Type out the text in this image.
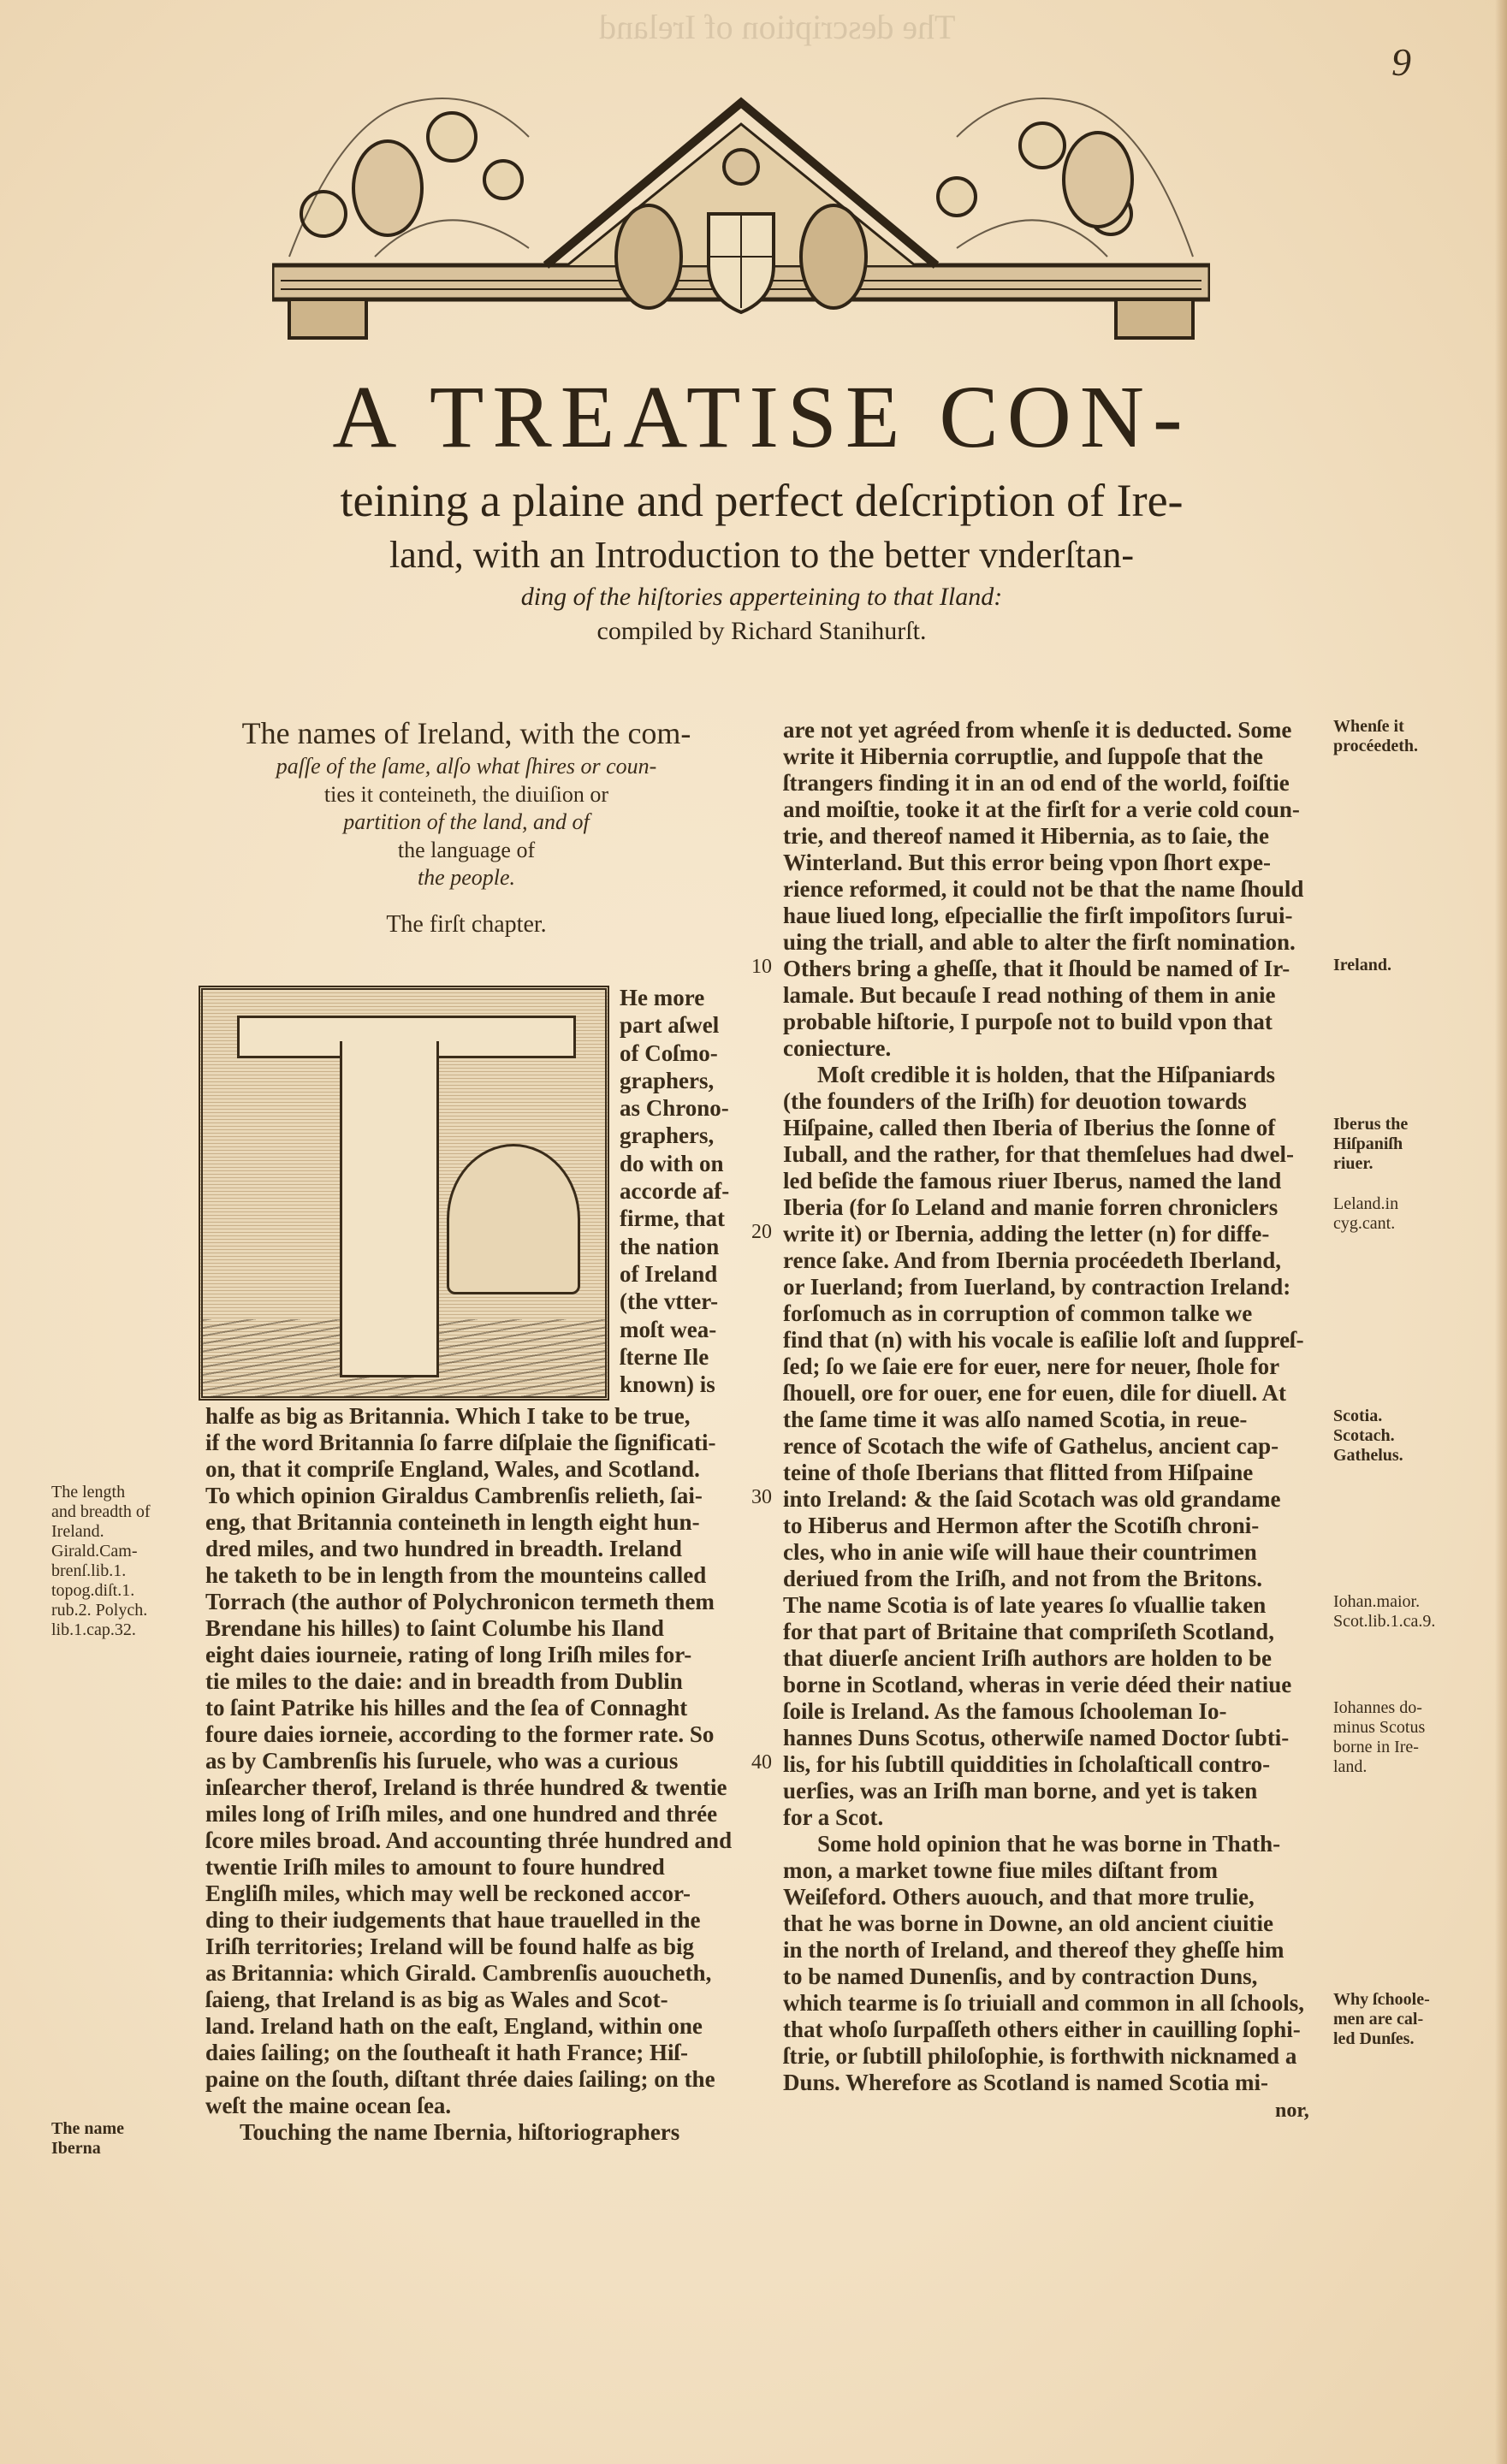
The description of Ireland
9
A TREATISE CON-
teining a plaine and perfect deſcription of Ire-
land, with an Introduction to the better vnderſtan-
ding of the hiſtories apperteining to that Iland:
compiled by Richard Stanihurſt.
The names of Ireland, with the com-
paſſe of the ſame, alſo what ſhires or coun-
ties it conteineth, the diuiſion or
partition of the land, and of
the language of
the people.
The firſt chapter.
He more
part aſwel
of Coſmo-
graphers,
as Chrono-
graphers,
do with on
accorde af-
firme, that
the nation
of Ireland
(the vtter-
moſt wea-
ſterne Ile
known) is
halfe as big as Britannia. Which I take to be true,
if the word Britannia ſo farre diſplaie the ſignificati-
on, that it compriſe England, Wales, and Scotland.
To which opinion Giraldus Cambrenſis relieth, ſai-
eng, that Britannia conteineth in length eight hun-
dred miles, and two hundred in breadth. Ireland
he taketh to be in length from the mounteins called
Torrach (the author of Polychronicon termeth them
Brendane his hilles) to ſaint Columbe his Iland
eight daies iourneie, rating of long Iriſh miles for-
tie miles to the daie: and in breadth from Dublin
to ſaint Patrike his hilles and the ſea of Connaght
foure daies iorneie, according to the former rate. So
as by Cambrenſis his ſuruele, who was a curious
inſearcher therof, Ireland is thrée hundred & twentie
miles long of Iriſh miles, and one hundred and thrée
ſcore miles broad. And accounting thrée hundred and
twentie Iriſh miles to amount to foure hundred
Engliſh miles, which may well be reckoned accor-
ding to their iudgements that haue trauelled in the
Iriſh territories; Ireland will be found halfe as big
as Britannia: which Girald. Cambrenſis auoucheth,
ſaieng, that Ireland is as big as Wales and Scot-
land. Ireland hath on the eaſt, England, within one
daies ſailing; on the ſoutheaſt it hath France; Hiſ-
paine on the ſouth, diſtant thrée daies ſailing; on the
weſt the maine ocean ſea.
Touching the name Ibernia, hiſtoriographers
are not yet agréed from whenſe it is deducted. Some
write it Hibernia corruptlie, and ſuppoſe that the
ſtrangers finding it in an od end of the world, foiſtie
and moiſtie, tooke it at the firſt for a verie cold coun-
trie, and thereof named it Hibernia, as to ſaie, the
Winterland. But this error being vpon ſhort expe-
rience reformed, it could not be that the name ſhould
haue liued long, eſpeciallie the firſt impoſitors ſurui-
uing the triall, and able to alter the firſt nomination.
Others bring a gheſſe, that it ſhould be named of Ir-
lamale. But becauſe I read nothing of them in anie
probable hiſtorie, I purpoſe not to build vpon that
coniecture.
Moſt credible it is holden, that the Hiſpaniards
(the founders of the Iriſh) for deuotion towards
Hiſpaine, called then Iberia of Iberius the ſonne of
Iuball, and the rather, for that themſelues had dwel-
led beſide the famous riuer Iberus, named the land
Iberia (for ſo Leland and manie forren chroniclers
write it) or Ibernia, adding the letter (n) for diffe-
rence ſake. And from Ibernia procéedeth Iberland,
or Iuerland; from Iuerland, by contraction Ireland:
forſomuch as in corruption of common talke we
find that (n) with his vocale is eaſilie loſt and ſuppreſ-
ſed; ſo we ſaie ere for euer, nere for neuer, ſhole for
ſhouell, ore for ouer, ene for euen, dile for diuell. At
the ſame time it was alſo named Scotia, in reue-
rence of Scotach the wife of Gathelus, ancient cap-
teine of thoſe Iberians that flitted from Hiſpaine
into Ireland: & the ſaid Scotach was old grandame
to Hiberus and Hermon after the Scotiſh chroni-
cles, who in anie wiſe will haue their countrimen
deriued from the Iriſh, and not from the Britons.
The name Scotia is of late yeares ſo vſuallie taken
for that part of Britaine that compriſeth Scotland,
that diuerſe ancient Iriſh authors are holden to be
borne in Scotland, wheras in verie déed their natiue
ſoile is Ireland. As the famous ſchooleman Io-
hannes Duns Scotus, otherwiſe named Doctor ſubti-
lis, for his ſubtill quiddities in ſcholaſticall contro-
uerſies, was an Iriſh man borne, and yet is taken
for a Scot.
Some hold opinion that he was borne in Thath-
mon, a market towne fiue miles diſtant from
Weiſeford. Others auouch, and that more trulie,
that he was borne in Downe, an old ancient ciuitie
in the north of Ireland, and thereof they gheſſe him
to be named Dunenſis, and by contraction Duns,
which tearme is ſo triuiall and common in all ſchools,
that whoſo ſurpaſſeth others either in cauilling ſophi-
ſtrie, or ſubtill philoſophie, is forthwith nicknamed a
Duns. Wherefore as Scotland is named Scotia mi-
10
20
30
40
Whenſe it
procéedeth.
Ireland.
Iberus the
Hiſpaniſh
riuer.
Leland.in
cyg.cant.
Scotia.
Scotach.
Gathelus.
Iohan.maior.
Scot.lib.1.ca.9.
Iohannes do-
minus Scotus
borne in Ire-
land.
Why ſchoole-
men are cal-
led Dunſes.
The length
and breadth of
Ireland.
Girald.Cam-
brenſ.lib.1.
topog.diſt.1.
rub.2. Polych.
lib.1.cap.32.
The name
Iberna
nor,
